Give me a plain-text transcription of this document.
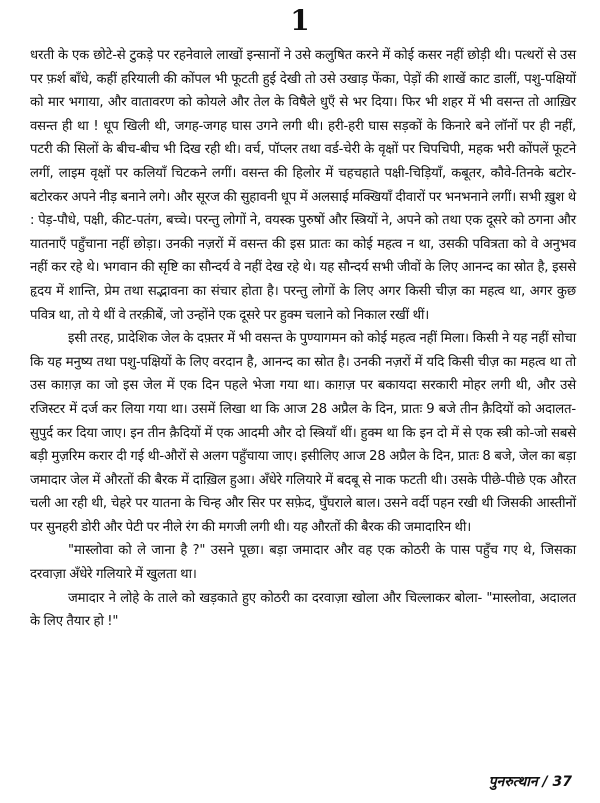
1

धरती के एक छोटे-से टुकड़े पर रहनेवाले लाखों इन्सानों ने उसे कलुषित करने में कोई कसर नहीं छोड़ी थी। पत्थरों से उस पर फ़र्श बाँधे, कहीं हरियाली की कोंपल भी फूटती हुई देखी तो उसे उखाड़ फेंका, पेड़ों की शाखें काट डालीं, पशु-पक्षियों को मार भगाया, और वातावरण को कोयले और तेल के विषैले धुएँ से भर दिया। फिर भी शहर में भी वसन्त तो आख़िर वसन्त ही था ! धूप खिली थी, जगह-जगह घास उगने लगी थी। हरी-हरी घास सड़कों के किनारे बने लॉनों पर ही नहीं, पटरी की सिलों के बीच-बीच भी दिख रही थी। वर्च, पॉप्लर तथा वर्ड-चेरी के वृक्षों पर चिपचिपी, महक भरी कोंपलें फूटने लगीं, लाइम वृक्षों पर कलियाँ चिटकने लगीं। वसन्त की हिलोर में चहचहाते पक्षी-चिड़ियाँ, कबूतर, कौवे-तिनके बटोर-बटोरकर अपने नीड़ बनाने लगे। और सूरज की सुहावनी धूप में अलसाई मक्खियाँ दीवारों पर भनभनाने लगीं। सभी ख़ुश थे : पेड़-पौधे, पक्षी, कीट-पतंग, बच्चे। परन्तु लोगों ने, वयस्क पुरुषों और स्त्रियों ने, अपने को तथा एक दूसरे को ठगना और यातनाएँ पहुँचाना नहीं छोड़ा। उनकी नज़रों में वसन्त की इस प्रातः का कोई महत्व न था, उसकी पवित्रता को वे अनुभव नहीं कर रहे थे। भगवान की सृष्टि का सौन्दर्य वे नहीं देख रहे थे। यह सौन्दर्य सभी जीवों के लिए आनन्द का स्रोत है, इससे हृदय में शान्ति, प्रेम तथा सद्भावना का संचार होता है। परन्तु लोगों के लिए अगर किसी चीज़ का महत्व था, अगर कुछ पवित्र था, तो ये थीं वे तरक़ीबें, जो उन्होंने एक दूसरे पर हुक्म चलाने को निकाल रखीं थीं।

इसी तरह, प्रादेशिक जेल के दफ़्तर में भी वसन्त के पुण्यागमन को कोई महत्व नहीं मिला। किसी ने यह नहीं सोचा कि यह मनुष्य तथा पशु-पक्षियों के लिए वरदान है, आनन्द का स्रोत है। उनकी नज़रों में यदि किसी चीज़ का महत्व था तो उस काग़ज़ का जो इस जेल में एक दिन पहले भेजा गया था। काग़ज़ पर बकायदा सरकारी मोहर लगी थी, और उसे रजिस्टर में दर्ज कर लिया गया था। उसमें लिखा था कि आज 28 अप्रैल के दिन, प्रातः 9 बजे तीन क़ैदियों को अदालत-सुपुर्द कर दिया जाए। इन तीन क़ैदियों में एक आदमी और दो स्त्रियाँ थीं। हुक्म था कि इन दो में से एक स्त्री को-जो सबसे बड़ी मुज़रिम करार दी गई थी-औरों से अलग पहुँचाया जाए। इसीलिए आज 28 अप्रैल के दिन, प्रातः 8 बजे, जेल का बड़ा जमादार जेल में औरतों की बैरक में दाख़िल हुआ। अँधेरे गलियारे में बदबू से नाक फटती थी। उसके पीछे-पीछे एक औरत चली आ रही थी, चेहरे पर यातना के चिन्ह और सिर पर सफ़ेद, घुँघराले बाल। उसने वर्दी पहन रखी थी जिसकी आस्तीनों पर सुनहरी डोरी और पेटी पर नीले रंग की मगजी लगी थी। यह औरतों की बैरक की जमादारिन थी।

"मास्लोवा को ले जाना है ?" उसने पूछा। बड़ा जमादार और वह एक कोठरी के पास पहुँच गए थे, जिसका दरवाज़ा अँधेरे गलियारे में खुलता था।

जमादार ने लोहे के ताले को खड़काते हुए कोठरी का दरवाज़ा खोला और चिल्लाकर बोला- "मास्लोवा, अदालत के लिए तैयार हो !"

पुनरुत्थान / 37
